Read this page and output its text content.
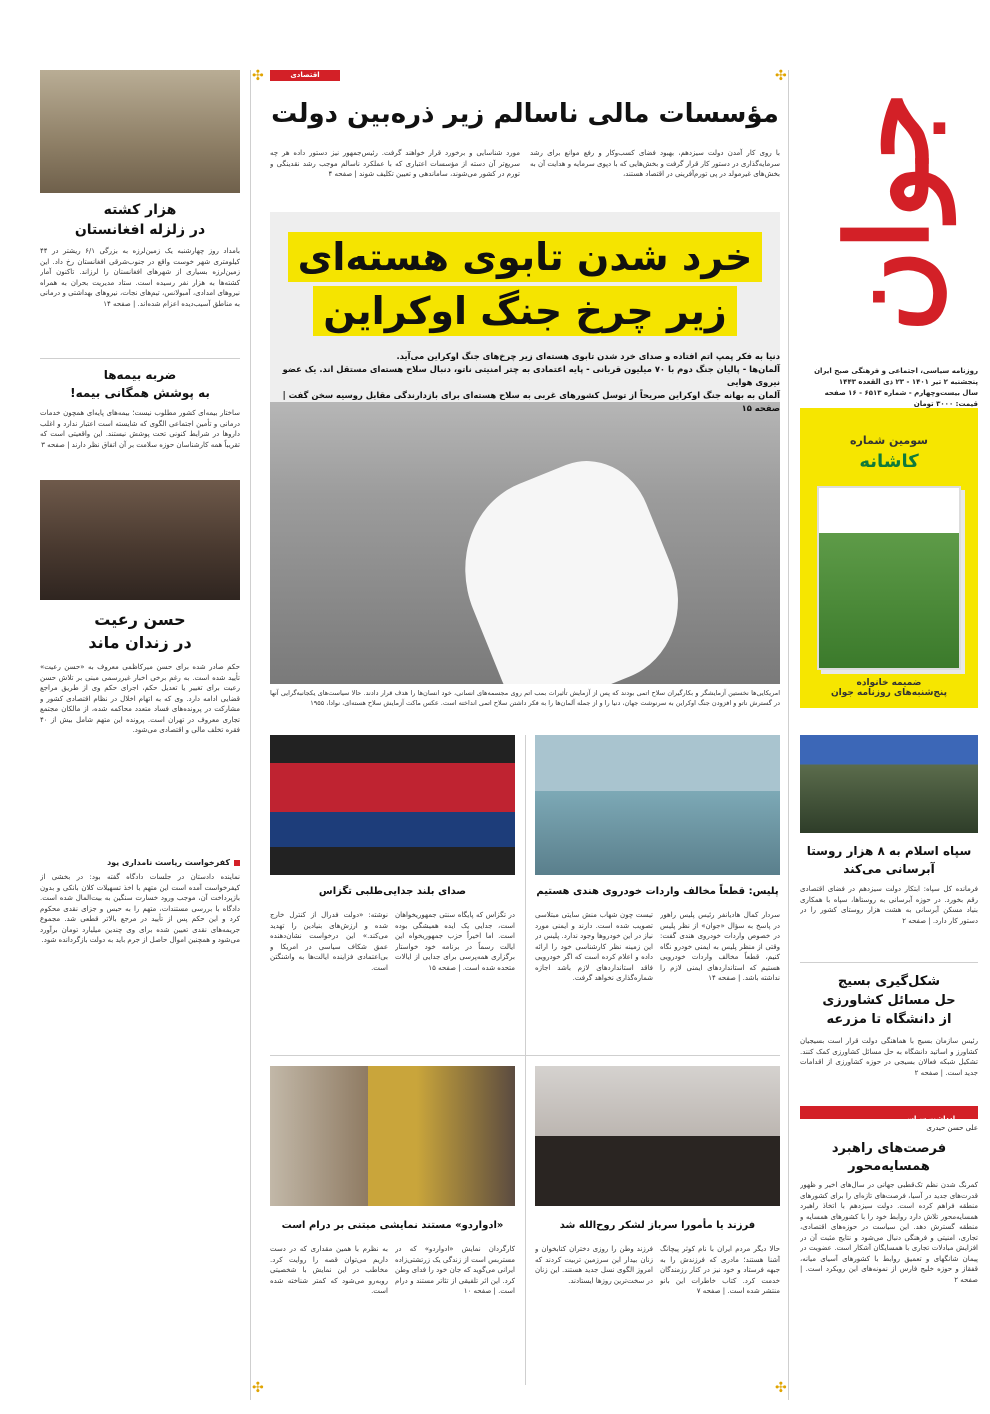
✣	✣
✣	✣
جوان
روزنامه سیاسی، اجتماعی و فرهنگی صبح ایران
پنجشنبه ۲ تیر ۱۴۰۱ - ۲۳ ذی القعده ۱۴۴۳
سال بیست‌وچهارم - شماره ۶۵۱۳ - ۱۶ صفحه
قیمت: ۳۰۰۰ تومان
سومین شماره
کاشانه
ضمیمه خانواده
پنج‌شنبه‌های روزنامه جوان
سپاه اسلام به ۸ هزار روستا
آبرسانی می‌کند
فرمانده کل سپاه: ابتکار دولت سیزدهم در فضای اقتصادی رقم بخورد. در حوزه آبرسانی به روستاها، سپاه با همکاری بنیاد مسکن آبرسانی به هشت هزار روستای کشور را در دستور کار دارد. | صفحه ۲
شکل‌گیری بسیج
حل مسائل کشاورزی
از دانشگاه تا مزرعه
رئیس سازمان بسیج با هماهنگی دولت قرار است بسیجیان کشاورز و اساتید دانشگاه به حل مسائل کشاورزی کمک کنند. تشکیل شبکه فعالان بسیجی در حوزه کشاورزی از اقدامات جدید است. | صفحه ۲
یادداشت سیاسی
علی حسن حیدری
فرصت‌های راهبرد
همسایه‌محور
کمرنگ شدن نظم تک‌قطبی جهانی در سال‌های اخیر و ظهور قدرت‌های جدید در آسیا، فرصت‌های تازه‌ای را برای کشورهای منطقه فراهم کرده است. دولت سیزدهم با اتخاذ راهبرد همسایه‌محور تلاش دارد روابط خود را با کشورهای همسایه و منطقه گسترش دهد. این سیاست در حوزه‌های اقتصادی، تجاری، امنیتی و فرهنگی دنبال می‌شود و نتایج مثبت آن در افزایش مبادلات تجاری با همسایگان آشکار است. عضویت در پیمان شانگهای و تعمیق روابط با کشورهای آسیای میانه، قفقاز و حوزه خلیج فارس از نمونه‌های این رویکرد است. | صفحه ۲
هزار کشته
در زلزله افغانستان
بامداد روز چهارشنبه یک زمین‌لرزه به بزرگی ۶/۱ ریشتر در ۴۴ کیلومتری شهر خوست واقع در جنوب‌شرقی افغانستان رخ داد. این زمین‌لرزه بسیاری از شهرهای افغانستان را لرزاند. تاکنون آمار کشته‌ها به هزار نفر رسیده است. ستاد مدیریت بحران به همراه نیروهای امدادی، آمبولانس، تیم‌های نجات، نیروهای بهداشتی و درمانی به مناطق آسیب‌دیده اعزام شده‌اند. | صفحه ۱۴
ضربه بیمه‌ها
به پوشش همگانی بیمه!
ساختار بیمه‌ای کشور مطلوب نیست؛ بیمه‌های پایه‌ای همچون خدمات درمانی و تأمین اجتماعی الگوی که شایسته است اعتبار ندارد و اغلب داروها در شرایط کنونی تحت پوشش نیستند. این واقعیتی است که تقریباً همه کارشناسان حوزه سلامت بر آن اتفاق نظر دارند | صفحه ۳
حسن رعیت
در زندان ماند
حکم صادر شده برای حسن میرکاظمی معروف به «حسن رعیت» تأیید شده است. به رغم برخی اخبار غیررسمی مبنی بر تلاش حسن رعیت برای تغییر یا تعدیل حکم، اجرای حکم وی از طریق مراجع قضایی ادامه دارد. وی که به اتهام اخلال در نظام اقتصادی کشور و مشارکت در پرونده‌های فساد متعدد محاکمه شده، از مالکان مجتمع تجاری معروف در تهران است. پرونده این متهم شامل بیش از ۴۰ فقره تخلف مالی و اقتصادی می‌شود.
کفرخواست ریاست نامداری یود
نماینده دادستان در جلسات دادگاه گفته بود: در بخشی از کیفرخواست آمده است این متهم با اخذ تسهیلات کلان بانکی و بدون بازپرداخت آن، موجب ورود خسارت سنگین به بیت‌المال شده است. دادگاه با بررسی مستندات، متهم را به حبس و جزای نقدی محکوم کرد و این حکم پس از تأیید در مرجع بالاتر قطعی شد. مجموع جریمه‌های نقدی تعیین شده برای وی چندین میلیارد تومان برآورد می‌شود و همچنین اموال حاصل از جرم باید به دولت بازگردانده شود.
اقتصادی
مؤسسات مالی ناسالم زیر ذره‌بین دولت
با روی کار آمدن دولت سیزدهم، بهبود فضای کسب‌وکار و رفع موانع برای رشد سرمایه‌گذاری در دستور کار قرار گرفت و بخش‌هایی که با دپوی سرمایه و هدایت آن به بخش‌های غیرمولد در پی تورم‌آفرینی در اقتصاد هستند،
مورد شناسایی و برخورد قرار خواهند گرفت. رئیس‌جمهور نیز دستور داده هر چه سریع‌تر آن دسته از مؤسسات اعتباری که با عملکرد ناسالم موجب رشد نقدینگی و تورم در کشور می‌شوند، ساماندهی و تعیین تکلیف شوند | صفحه ۴
خرد شدن تابوی هسته‌ای
زیر چرخ جنگ اوکراین
دنیا به فکر پمپ اتم افتاده و صدای خرد شدن تابوی هسته‌ای زیر چرخ‌های جنگ اوکراین می‌آید.
آلمان‌ها - پالیان جنگ دوم با ۷۰ میلیون قربانی - پایه اعتمادی به چتر امنیتی ناتو، دنبال سلاح هسته‌ای مستقل اند. یک عضو نیروی هوایی
آلمان به بهانه جنگ اوکراین صریحاً از توسل کشورهای غربی به سلاح هسته‌ای برای بازدارندگی مقابل روسیه سخن گفت | صفحه ۱۵
امریکایی‌ها نخستین آزمایشگر و بکارگیران سلاح اتمی بودند که پس از آزمایش تأثیرات بمب اتم روی مجسمه‌های انسانی، خود انسان‌ها را هدف قرار دادند. حالا سیاست‌های یکجانبه‌گرایی آنها در گسترش ناتو و افزودن جنگ اوکراین به سرنوشت جهان، دنیا را و از جمله آلمان‌ها را به فکر داشتن سلاح اتمی انداخته است. عکس ماکت آزمایش سلاح هسته‌ای، نوادا، ۱۹۵۵
پلیس: قطعاً مخالف واردات خودروی هندی هستیم
صدای بلند جدایی‌طلبی تگزاس
سردار کمال هادیانفر رئیس پلیس راهور در پاسخ به سؤال «جوان» از نظر پلیس در خصوص واردات خودروی هندی گفت: وقتی از منظر پلیس به ایمنی خودرو نگاه کنیم، قطعاً مخالف واردات خودرویی هستیم که استانداردهای ایمنی لازم را نداشته باشد. | صفحه ۱۴
تیست چون شهاب منش سایتی مبتلاسی تصویب شده است. دارند و ایمنی مورد نیاز در این خودروها وجود ندارد. پلیس در این زمینه نظر کارشناسی خود را ارائه داده و اعلام کرده است که اگر خودرویی فاقد استانداردهای لازم باشد اجازه شماره‌گذاری نخواهد گرفت.
در تگزاس که پایگاه سنتی جمهوریخواهان است، جدایی یک ایده همیشگی بوده است. اما اخیراً حزب جمهوریخواه این ایالت رسماً در برنامه خود خواستار برگزاری همه‌پرسی برای جدایی از ایالات متحده شده است. | صفحه ۱۵
نوشته: «دولت فدرال از کنترل خارج شده و ارزش‌های بنیادین را تهدید می‌کند.» این درخواست نشان‌دهنده عمق شکاف سیاسی در امریکا و بی‌اعتمادی فزاینده ایالت‌ها به واشنگتن است.
فرزند یا مأمورا سرباز لشکر روح‌الله شد
«ادواردو» مستند نمایشی مبتنی بر درام است
حالا دیگر مردم ایران با نام کوثر پیچانگ آشنا هستند؛ مادری که فرزندش را به جبهه فرستاد و خود نیز در کنار رزمندگان خدمت کرد. کتاب خاطرات این بانو منتشر شده است. | صفحه ۷
فرزند وطن را روزی دختران کتابخوان و زنان بیدار این سرزمین تربیت کردند که امروز الگوی نسل جدید هستند. این زنان در سخت‌ترین روزها ایستادند.
کارگردان نمایش «ادواردو» که در مستربس است از زندگی یک زرتشتی‌زاده ایرانی می‌گوید که جان خود را فدای وطن کرد. این اثر تلفیقی از تئاتر مستند و درام است. | صفحه ۱۰
به نظرم با همین مقداری که در دست داریم می‌توان قصه را روایت کرد. مخاطب در این نمایش با شخصیتی روبه‌رو می‌شود که کمتر شناخته شده است.
